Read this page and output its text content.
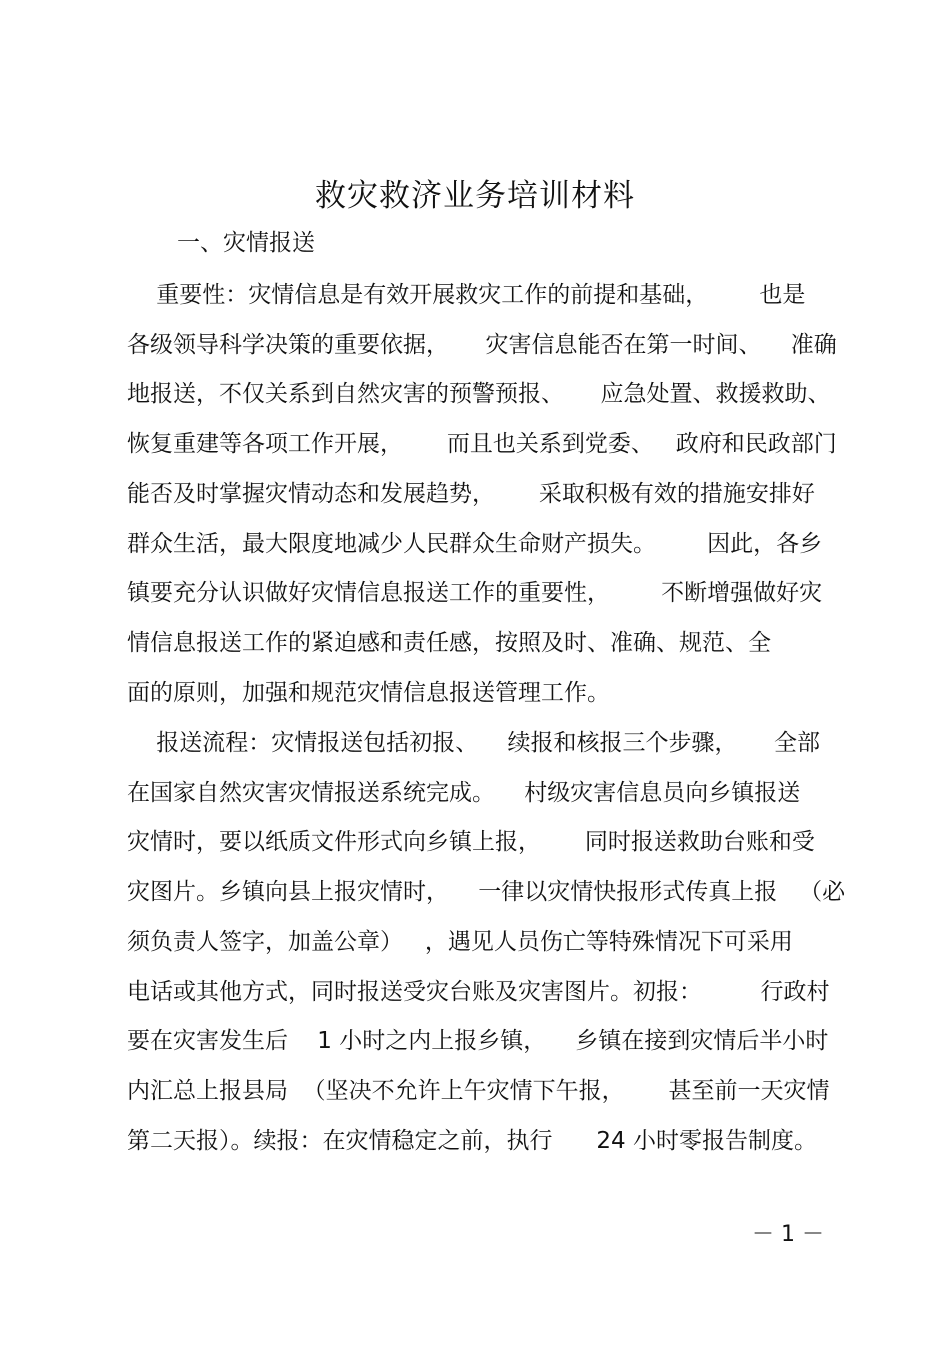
救灾救济业务培训材料

一、灾情报送

重要性：灾情信息是有效开展救灾工作的前提和基础，       也是

各级领导科学决策的重要依据，     灾害信息能否在第一时间、    准确

地报送，不仅关系到自然灾害的预警预报、     应急处置、救援救助、

恢复重建等各项工作开展，      而且也关系到党委、   政府和民政部门

能否及时掌握灾情动态和发展趋势，      采取积极有效的措施安排好

群众生活，最大限度地减少人民群众生命财产损失。       因此，各乡

镇要充分认识做好灾情信息报送工作的重要性，       不断增强做好灾

情信息报送工作的紧迫感和责任感，按照及时、准确、规范、全

面的原则，加强和规范灾情信息报送管理工作。

报送流程：灾情报送包括初报、    续报和核报三个步骤，     全部

在国家自然灾害灾情报送系统完成。    村级灾害信息员向乡镇报送

灾情时，要以纸质文件形式向乡镇上报，      同时报送救助台账和受

灾图片。乡镇向县上报灾情时，    一律以灾情快报形式传真上报   （必

须负责人签字，加盖公章）   ，遇见人员伤亡等特殊情况下可采用

电话或其他方式，同时报送受灾台账及灾害图片。初报：        行政村

要在灾害发生后    1 小时之内上报乡镇，    乡镇在接到灾情后半小时

内汇总上报县局  （坚决不允许上午灾情下午报，      甚至前一天灾情

第二天报）。续报：在灾情稳定之前，执行      24 小时零报告制度。

－ 1 －
